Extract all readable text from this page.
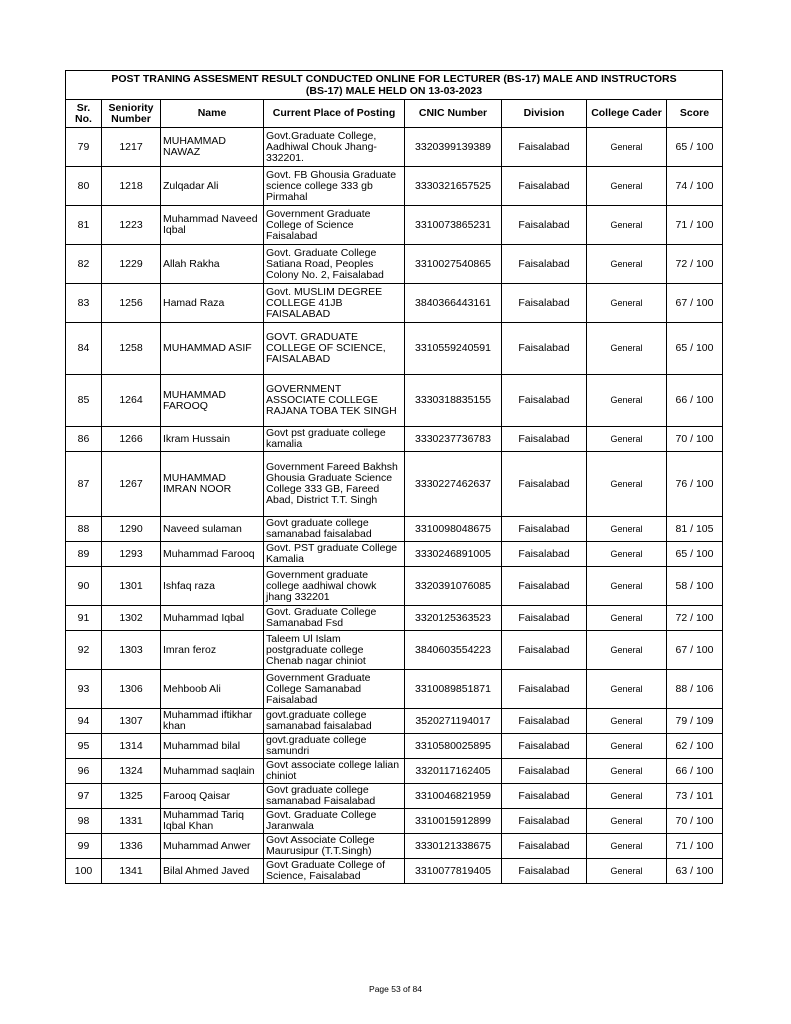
POST TRANING ASSESMENT RESULT CONDUCTED ONLINE FOR LECTURER (BS-17) MALE AND INSTRUCTORS
(BS-17) MALE HELD ON 13-03-2023							

Sr. No.	Seniority Number	Name	Current Place of Posting	CNIC Number	Division	College Cader	Score
79	1217	MUHAMMAD NAWAZ	Govt.Graduate College, Aadhiwal Chouk Jhang-332201.	3320399139389	Faisalabad	General	65 / 100
80	1218	Zulqadar Ali	Govt. FB Ghousia Graduate science college 333 gb Pirmahal	3330321657525	Faisalabad	General	74 / 100
81	1223	Muhammad Naveed Iqbal	Government Graduate College of Science Faisalabad	3310073865231	Faisalabad	General	71 / 100
82	1229	Allah Rakha	Govt. Graduate College Satiana Road, Peoples Colony No. 2, Faisalabad	3310027540865	Faisalabad	General	72 / 100
83	1256	Hamad Raza	Govt. MUSLIM DEGREE COLLEGE 41JB FAISALABAD	3840366443161	Faisalabad	General	67 / 100
84	1258	MUHAMMAD ASIF	GOVT. GRADUATE COLLEGE OF SCIENCE, FAISALABAD	3310559240591	Faisalabad	General	65 / 100
85	1264	MUHAMMAD FAROOQ	GOVERNMENT ASSOCIATE COLLEGE RAJANA TOBA TEK SINGH	3330318835155	Faisalabad	General	66 / 100
86	1266	Ikram Hussain	Govt pst graduate college kamalia	3330237736783	Faisalabad	General	70 / 100
87	1267	MUHAMMAD IMRAN NOOR	Government Fareed Bakhsh Ghousia Graduate Science College 333 GB, Fareed Abad, District T.T. Singh	3330227462637	Faisalabad	General	76 / 100
88	1290	Naveed sulaman	Govt graduate college samanabad faisalabad	3310098048675	Faisalabad	General	81 / 105
89	1293	Muhammad Farooq	Govt. PST graduate College Kamalia	3330246891005	Faisalabad	General	65 / 100
90	1301	Ishfaq raza	Government graduate college aadhiwal chowk jhang 332201	3320391076085	Faisalabad	General	58 / 100
91	1302	Muhammad Iqbal	Govt. Graduate College Samanabad Fsd	3320125363523	Faisalabad	General	72 / 100
92	1303	Imran feroz	Taleem Ul Islam postgraduate college Chenab nagar chiniot	3840603554223	Faisalabad	General	67 / 100
93	1306	Mehboob Ali	Government Graduate College Samanabad Faisalabad	3310089851871	Faisalabad	General	88 / 106
94	1307	Muhammad iftikhar khan	govt.graduate college samanabad faisalabad	3520271194017	Faisalabad	General	79 / 109
95	1314	Muhammad bilal	govt.graduate college samundri	3310580025895	Faisalabad	General	62 / 100
96	1324	Muhammad saqlain	Govt associate college lalian chiniot	3320117162405	Faisalabad	General	66 / 100
97	1325	Farooq Qaisar	Govt graduate college samanabad Faisalabad	3310046821959	Faisalabad	General	73 / 101
98	1331	Muhammad Tariq Iqbal Khan	Govt. Graduate College Jaranwala	3310015912899	Faisalabad	General	70 / 100
99	1336	Muhammad Anwer	Govt Associate College Maurusipur (T.T.Singh)	3330121338675	Faisalabad	General	71 / 100
100	1341	Bilal Ahmed Javed	Govt Graduate College of Science, Faisalabad	3310077819405	Faisalabad	General	63 / 100
Page 53 of 84
